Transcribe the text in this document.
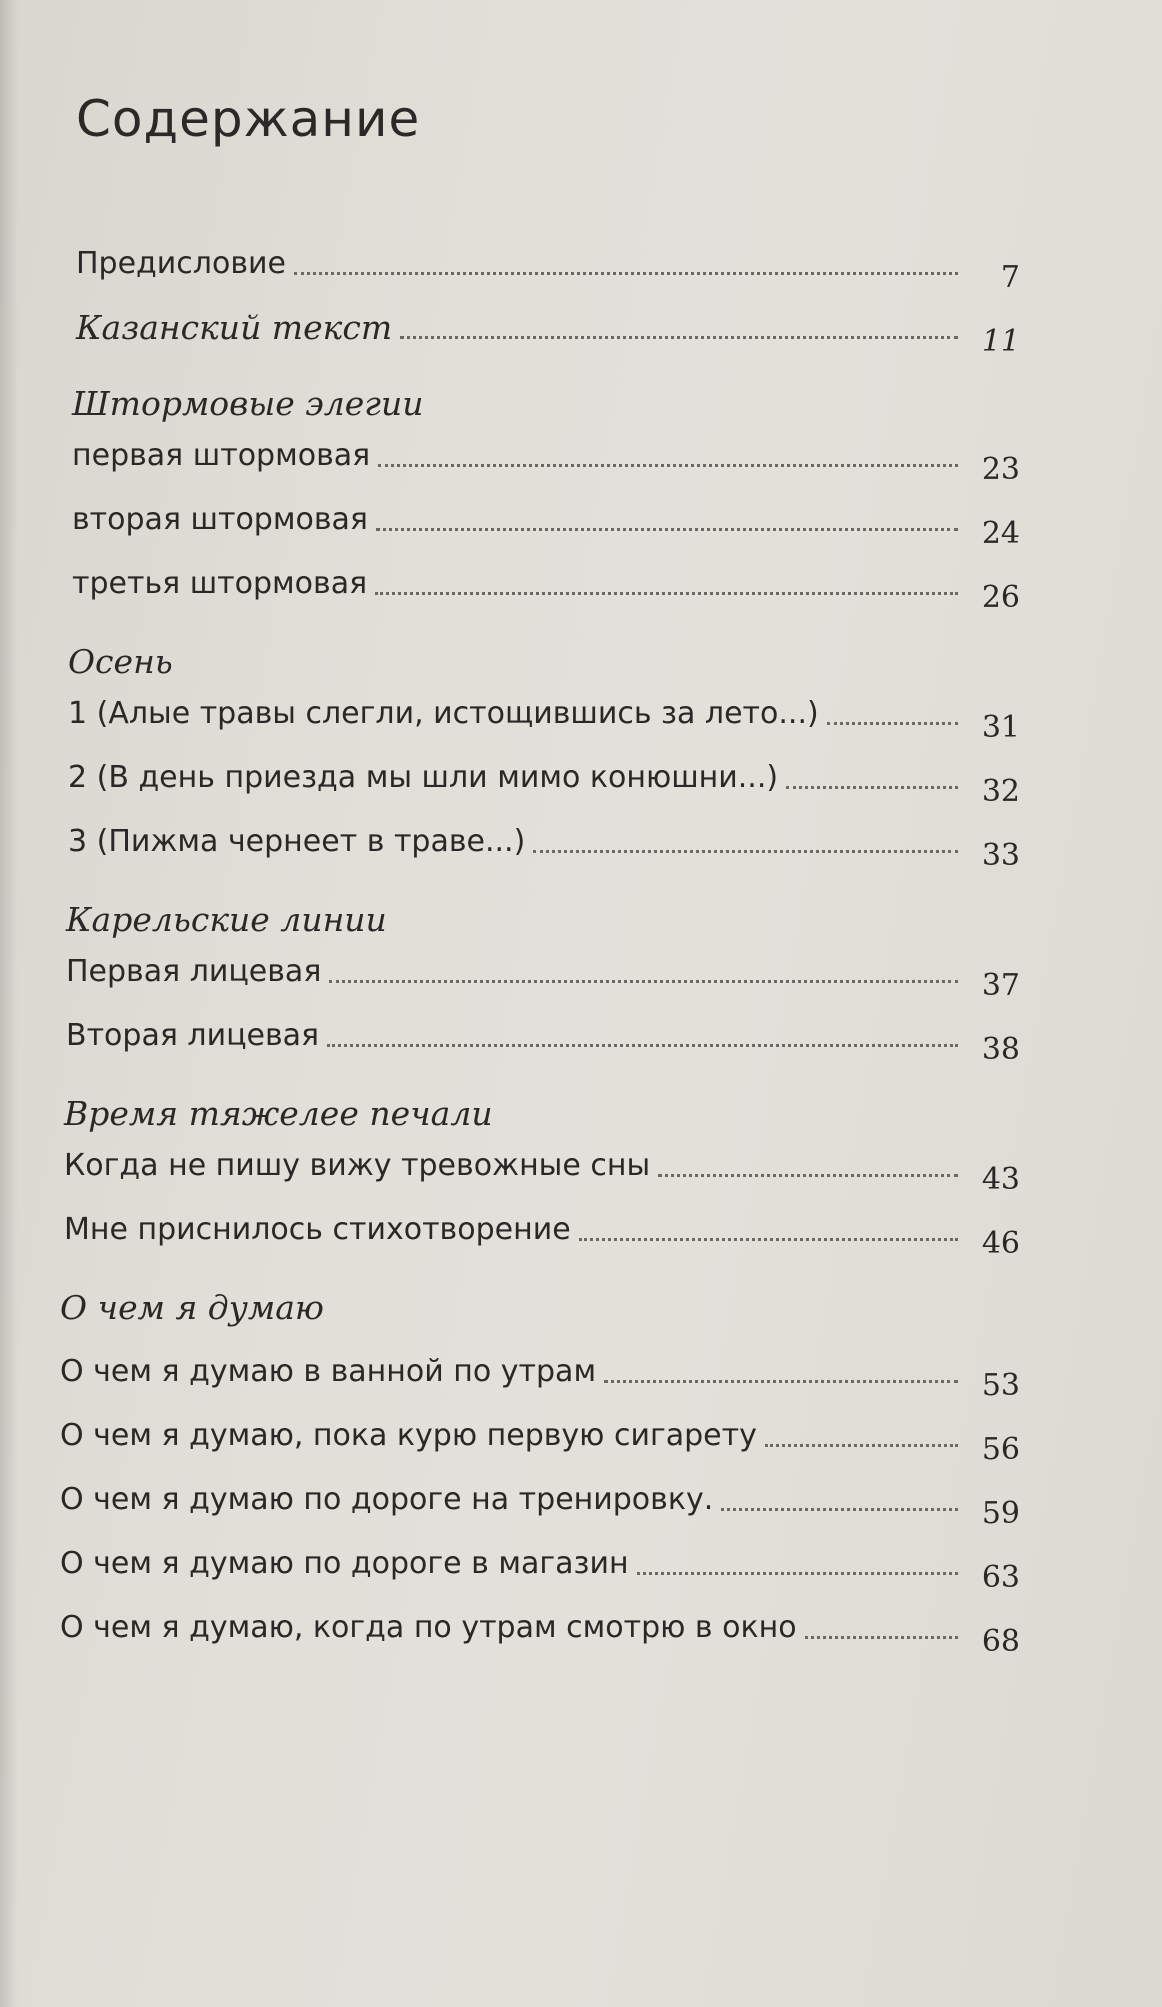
Содержание
Предисловие	7
Казанский текст	11
Штормовые элегии
первая штормовая	23
вторая штормовая	24
третья штормовая	26
Осень
1 (Алые травы слегли, истощившись за лето...)	31
2 (В день приезда мы шли мимо конюшни...)	32
3 (Пижма чернеет в траве...)	33
Карельские линии
Первая лицевая	37
Вторая лицевая	38
Время тяжелее печали
Когда не пишу вижу тревожные сны	43
Мне приснилось стихотворение	46
О чем я думаю
О чем я думаю в ванной по утрам	53
О чем я думаю, пока курю первую сигарету	56
О чем я думаю по дороге на тренировку.	59
О чем я думаю по дороге в магазин	63
О чем я думаю, когда по утрам смотрю в окно	68
